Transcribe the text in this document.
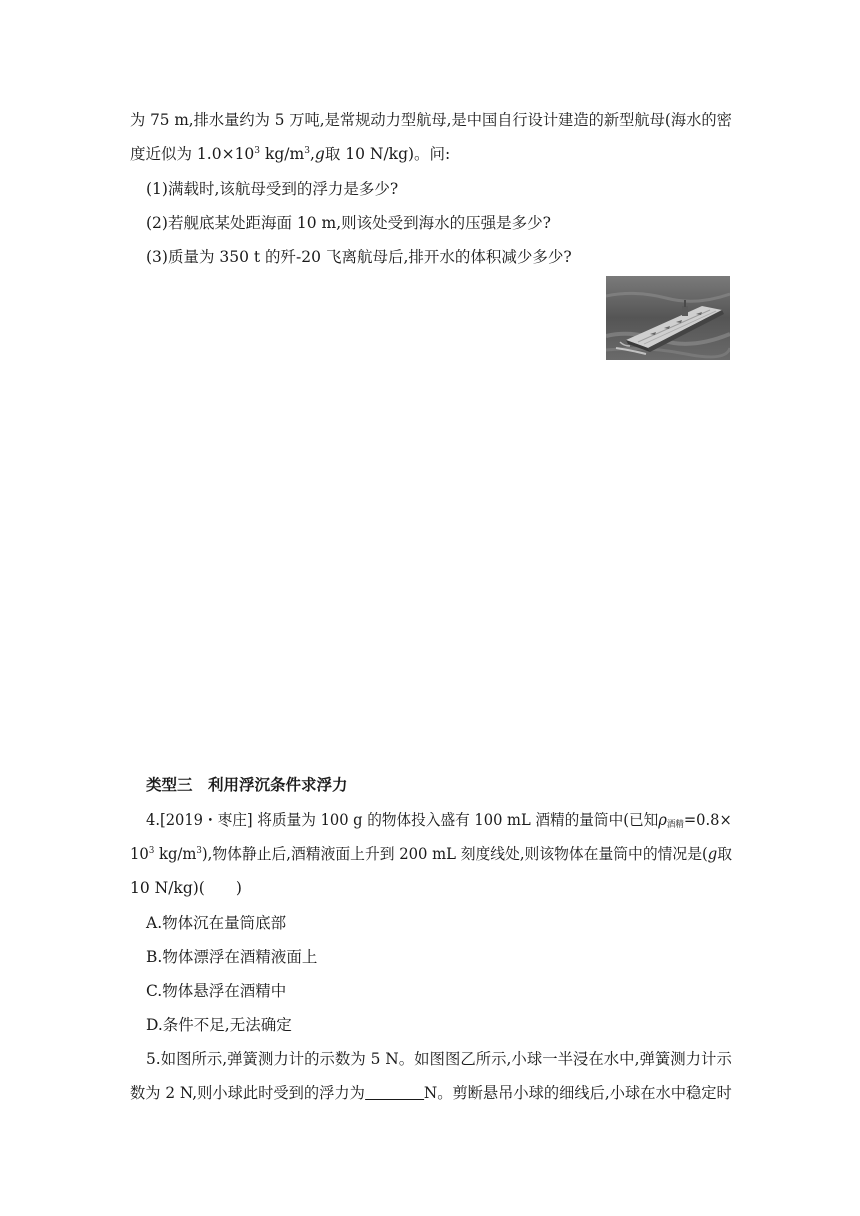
为 75 m,排水量约为 5 万吨,是常规动力型航母,是中国自行设计建造的新型航母(海水的密
度近似为 $1.0\times 10^3$ $kg/m^3,g$取 10 N/kg)。问:
(1)满载时,该航母受到的浮力是多少?
(2)若舰底某处距海面 10 m,则该处受到海水的压强是多少?
(3)质量为 350 t 的歼-20 飞离航母后,排开水的体积减少多少?
类型三　利用浮沉条件求浮力
4.[2019・枣庄] 将质量为 100 g 的物体投入盛有 100 mL 酒精的量筒中(已知$\rho_{酒精}=0.8\times$
$10^3$ $kg/m^3$),物体静止后,酒精液面上升到 200 mL 刻度线处,则该物体在量筒中的情况是(g取
10 N/kg)(　　)
A.物体沉在量筒底部
B.物体漂浮在酒精液面上
C.物体悬浮在酒精中
D.条件不足,无法确定
5.如图所示,弹簧测力计的示数为 5 N。如图图乙所示,小球一半浸在水中,弹簧测力计示
数为 2 N,则小球此时受到的浮力为	N。剪断悬吊小球的细线后,小球在水中稳定时
